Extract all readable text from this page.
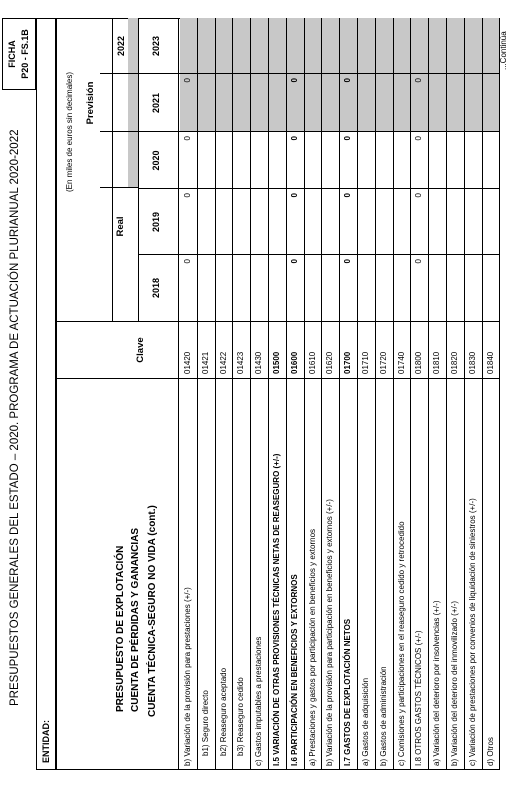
PRESUPUESTOS GENERALES DEL ESTADO – 2020. PROGRAMA DE ACTUACIÓN PLURIANUAL 2020-2022
FICHA P20 - FS.1B
ENTIDAD:
PRESUPUESTO DE EXPLOTACIÓN CUENTA DE PÉRDIDAS Y GANANCIAS CUENTA TÉCNICA-SEGURO NO VIDA (cont.)
Clave
(En miles de euros sin decimales)
Real
Previsión
2018
2019
2020
2021
2022	2023
b) Variación de la provisión para prestaciones (+/-)
01420
0
0
0
0
b1) Seguro directo
01421
b2) Reaseguro aceptado
01422
b3) Reaseguro cedido
01423
c) Gastos imputables a prestaciones
01430
I.5 VARIACIÓN DE OTRAS PROVISIONES TÉCNICAS NETAS DE REASEGURO (+/-)
01500
I.6 PARTICIPACIÓN EN BENEFICIOS Y EXTORNOS
01600
0
0
0
0
a) Prestaciones y gastos por participación en beneficios y extornos
01610
b) Variación de la provisión para participación en beneficios y extornos (+/-)
01620
I.7 GASTOS DE EXPLOTACIÓN NETOS
01700
0
0
0
0
a) Gastos de adquisición
01710
b) Gastos de administración
01720
c) Comisiones y participaciones en el reaseguro cedido y retrocedido
01740
I.8 OTROS GASTOS TÉCNICOS (+/-)
01800
0
0
0
0
a) Variación del deterioro por insolvencias (+/-)
01810
b) Variación del deterioro del inmovilizado (+/-)
01820
c) Variación de prestaciones por convenios de liquidación de siniestros (+/-)
01830
d) Otros
01840
...Continúa
